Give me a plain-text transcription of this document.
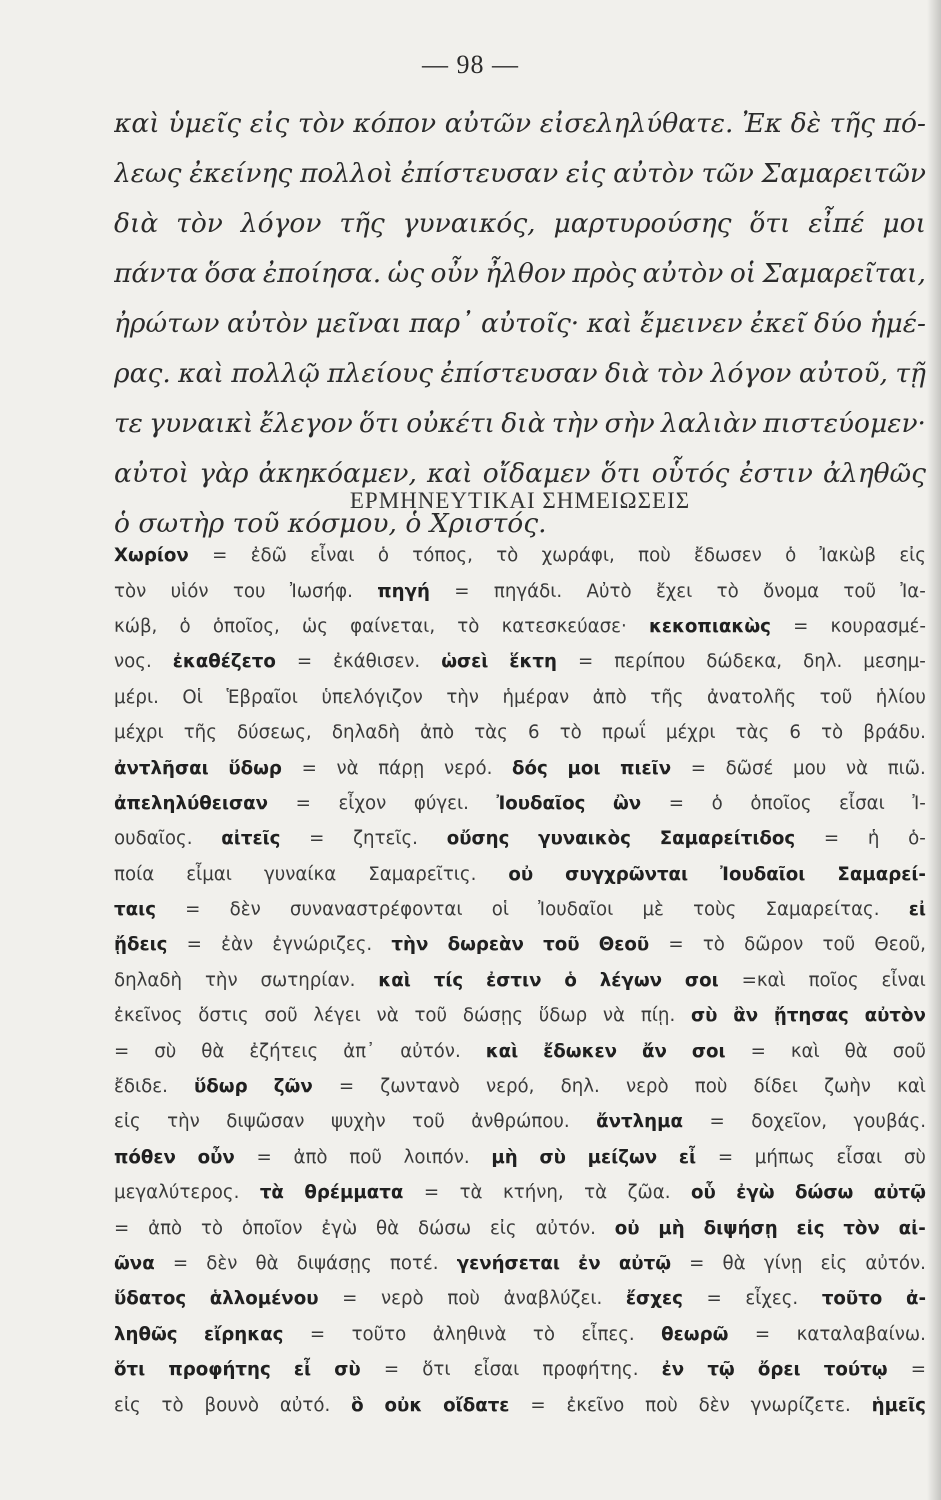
— 98 —
καὶ ὑμεῖς εἰς τὸν κόπον αὐτῶν εἰσεληλύθατε. Ἐκ δὲ τῆς πό-
λεως ἐκείνης πολλοὶ ἐπίστευσαν εἰς αὐτὸν τῶν Σαμαρειτῶν
διὰ τὸν λόγον τῆς γυναικός, μαρτυρούσης ὅτι εἶπέ μοι
πάντα ὅσα ἐποίησα. ὡς οὖν ἦλθον πρὸς αὐτὸν οἱ Σαμαρεῖται,
ἠρώτων αὐτὸν μεῖναι παρ᾽ αὐτοῖς· καὶ ἔμεινεν ἐκεῖ δύο ἡμέ-
ρας. καὶ πολλῷ πλείους ἐπίστευσαν διὰ τὸν λόγον αὐτοῦ, τῇ
τε γυναικὶ ἔλεγον ὅτι οὐκέτι διὰ τὴν σὴν λαλιὰν πιστεύομεν·
αὐτοὶ γὰρ ἀκηκόαμεν, καὶ οἴδαμεν ὅτι οὗτός ἐστιν ἀληθῶς
ὁ σωτὴρ τοῦ κόσμου, ὁ Χριστός.
ΕΡΜΗΝΕΥΤΙΚΑΙ ΣΗΜΕΙΩΣΕΙΣ
Χωρίον = ἐδῶ εἶναι ὁ τόπος, τὸ χωράφι, ποὺ ἔδωσεν ὁ Ἰακὼβ εἰς
τὸν υἱόν του Ἰωσήφ. πηγή = πηγάδι. Αὐτὸ ἔχει τὸ ὄνομα τοῦ Ἰα-
κώβ, ὁ ὁποῖος, ὡς φαίνεται, τὸ κατεσκεύασε· κεκοπιακὼς = κουρασμέ-
νος. ἐκαθέζετο = ἐκάθισεν. ὡσεὶ ἕκτη = περίπου δώδεκα, δηλ. μεσημ-
μέρι. Οἱ Ἑβραῖοι ὑπελόγιζον τὴν ἡμέραν ἀπὸ τῆς ἀνατολῆς τοῦ ἡλίου
μέχρι τῆς δύσεως, δηλαδὴ ἀπὸ τὰς 6 τὸ πρωΐ μέχρι τὰς 6 τὸ βράδυ.
ἀντλῆσαι ὕδωρ = νὰ πάρῃ νερό. δός μοι πιεῖν = δῶσέ μου νὰ πιῶ.
ἀπεληλύθεισαν = εἶχον φύγει. Ἰουδαῖος ὢν = ὁ ὁποῖος εἶσαι Ἰ-
ουδαῖος. αἰτεῖς = ζητεῖς. οὔσης γυναικὸς Σαμαρείτιδος = ἡ ὁ-
ποία εἶμαι γυναίκα Σαμαρεῖτις. οὐ συγχρῶνται Ἰουδαῖοι Σαμαρεί-
ταις = δὲν συναναστρέφονται οἱ Ἰουδαῖοι μὲ τοὺς Σαμαρείτας. εἰ
ᾔδεις = ἐὰν ἐγνώριζες. τὴν δωρεὰν τοῦ Θεοῦ = τὸ δῶρον τοῦ Θεοῦ,
δηλαδὴ τὴν σωτηρίαν. καὶ τίς ἐστιν ὁ λέγων σοι =καὶ ποῖος εἶναι
ἐκεῖνος ὅστις σοῦ λέγει νὰ τοῦ δώσῃς ὕδωρ νὰ πίῃ. σὺ ἂν ᾔτησας αὐτὸν
= σὺ θὰ ἐζήτεις ἀπ᾽ αὐτόν. καὶ ἔδωκεν ἄν σοι = καὶ θὰ σοῦ
ἔδιδε. ὕδωρ ζῶν = ζωντανὸ νερό, δηλ. νερὸ ποὺ δίδει ζωὴν καὶ
εἰς τὴν διψῶσαν ψυχὴν τοῦ ἀνθρώπου. ἄντλημα = δοχεῖον, γουβάς.
πόθεν οὖν = ἀπὸ ποῦ λοιπόν. μὴ σὺ μείζων εἶ = μήπως εἶσαι σὺ
μεγαλύτερος. τὰ θρέμματα = τὰ κτήνη, τὰ ζῶα. οὗ ἐγὼ δώσω αὐτῷ
= ἀπὸ τὸ ὁποῖον ἐγὼ θὰ δώσω εἰς αὐτόν. οὐ μὴ διψήσῃ εἰς τὸν αἰ-
ῶνα = δὲν θὰ διψάσῃς ποτέ. γενήσεται ἐν αὐτῷ = θὰ γίνῃ εἰς αὐτόν.
ὕδατος ἁλλομένου = νερὸ ποὺ ἀναβλύζει. ἔσχες = εἶχες. τοῦτο ἀ-
ληθῶς εἴρηκας = τοῦτο ἀληθινὰ τὸ εἶπες. θεωρῶ = καταλαβαίνω.
ὅτι προφήτης εἶ σὺ = ὅτι εἶσαι προφήτης. ἐν τῷ ὄρει τούτῳ =
εἰς τὸ βουνὸ αὐτό. ὃ οὐκ οἴδατε = ἐκεῖνο ποὺ δὲν γνωρίζετε. ἡμεῖς
